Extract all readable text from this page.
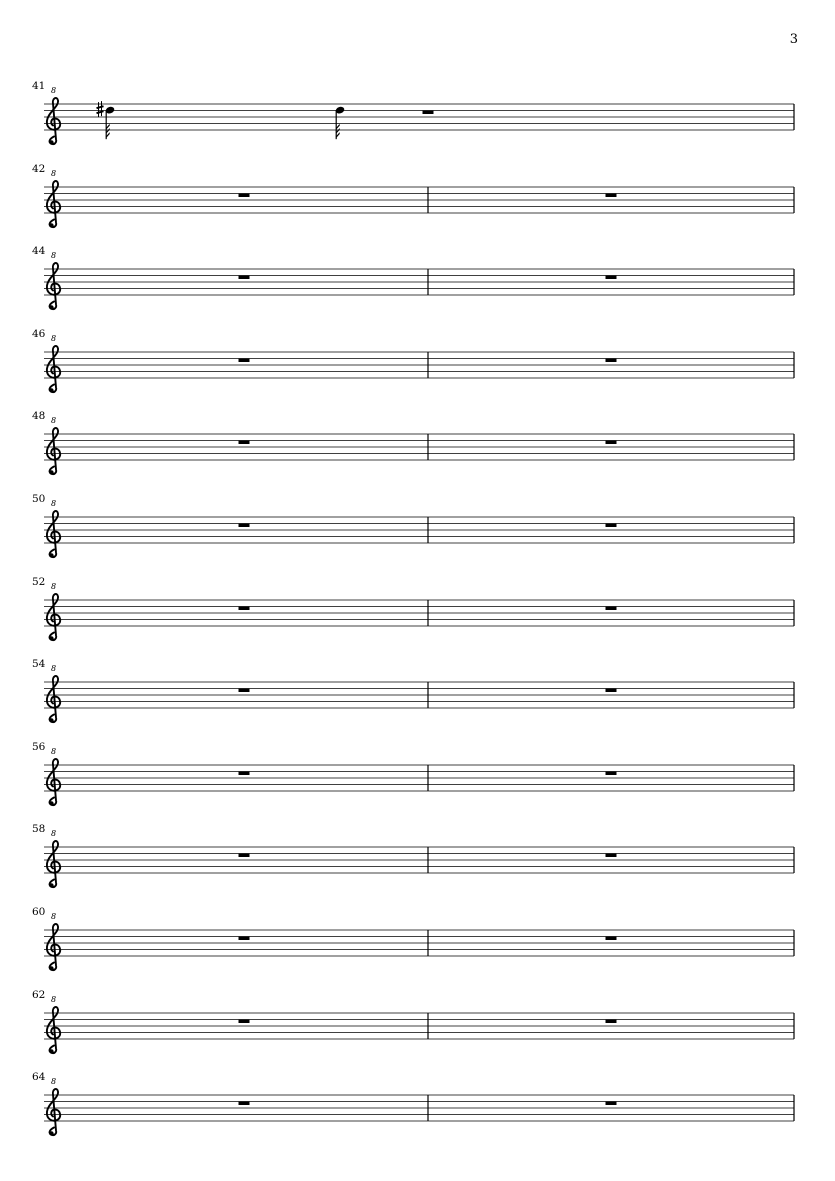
3
41 8
42 8
44 8
46 8
48 8
50 8
52 8
54 8
56 8
58 8
60 8
62 8
64 8
